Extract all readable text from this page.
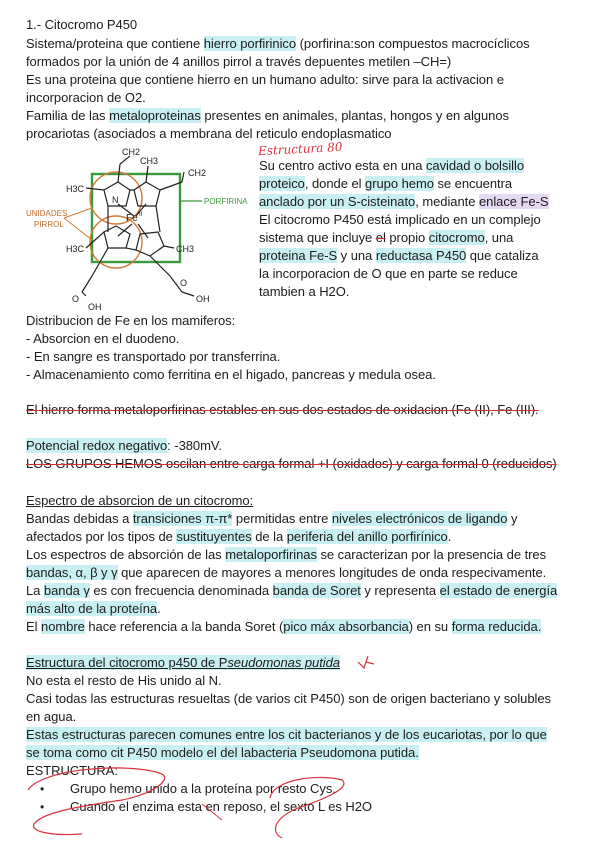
1.- Citocromo P450
Sistema/proteina que contiene hierro porfirinico (porfirina:son compuestos macrocíclicos
formados por la unión de 4 anillos pirrol a través depuentes metilen –CH=)
Es una proteina que contiene hierro en un humano adulto: sirve para la activacion e
incorporacion de O2.
Familia de las metaloproteinas presentes en animales, plantas, hongos y en algunos
procariotas (asociados a membrana del reticulo endoplasmatico
Estructura 80
CH2
CH3
CH2
H3C
N
Fe II
H3C	CH3
O
OH
O
OH
UNIDADES
PIRROL
PORFIRINA
Su centro activo esta en una cavidad o bolsillo
proteico, donde el grupo hemo se encuentra
anclado por un S-cisteinato, mediante enlace Fe-S
El citocromo P450 está implicado en un complejo
sistema que incluye el propio citocromo, una
proteina Fe-S y una reductasa P450 que cataliza
la incorporacion de O que en parte se reduce
tambien a H2O.
Distribucion de Fe en los mamiferos:
- Absorcion en el duodeno.
- En sangre es transportado por transferrina.
- Almacenamiento como ferritina en el higado, pancreas y medula osea.
El hierro forma metaloporfirinas estables en sus dos estados de oxidacion (Fe (II), Fe (III).
Potencial redox negativo: -380mV.
LOS GRUPOS HEMOS oscilan entre carga formal +I (oxidados) y carga formal 0 (reducidos)
Espectro de absorcion de un citocromo:
Bandas debidas a transiciones π-π* permitidas entre niveles electrónicos de ligando y
afectados por los tipos de sustituyentes de la periferia del anillo porfirínico.
Los espectros de absorción de las metaloporfirinas se caracterizan por la presencia de tres
bandas, α, β y γ que aparecen de mayores a menores longitudes de onda respecivamente.
La banda γ es con frecuencia denominada banda de Soret y representa el estado de energía
más alto de la proteína.
El nombre hace referencia a la banda Soret (pico máx absorbancia) en su forma reducida.
Estructura del citocromo p450 de Pseudomonas putida
No esta el resto de His unido al N.
Casi todas las estructuras resueltas (de varios cit P450) son de origen bacteriano y solubles
en agua.
Estas estructuras parecen comunes entre los cit bacterianos y de los eucariotas, por lo que
se toma como cit P450 modelo el del labacteria Pseudomona putida.
ESTRUCTURA:
• Grupo hemo unido a la proteína por resto Cys.
• Cuando el enzima esta en reposo, el sexto L es H2O
